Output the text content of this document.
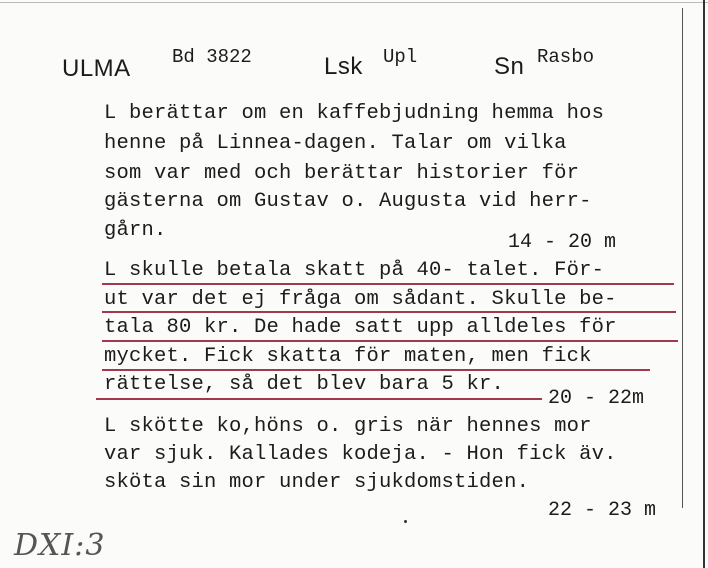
ULMA Bd 3822	Lsk Upl	Sn Rasbo
L berättar om en kaffebjudning hemma hos
henne på Linnea-dagen. Talar om vilka
som var med och berättar historier för
gästerna om Gustav o. Augusta vid herr-
gårn.
14 - 20 m
L skulle betala skatt på 40- talet. För-
ut var det ej fråga om sådant. Skulle be-
tala 80 kr. De hade satt upp alldeles för
mycket. Fick skatta för maten, men fick
rättelse, så det blev bara 5 kr.
20 - 22m
L skötte ko,höns o. gris när hennes mor
var sjuk. Kallades kodeja. - Hon fick äv.
sköta sin mor under sjukdomstiden.
22 - 23 m
DXI:3
